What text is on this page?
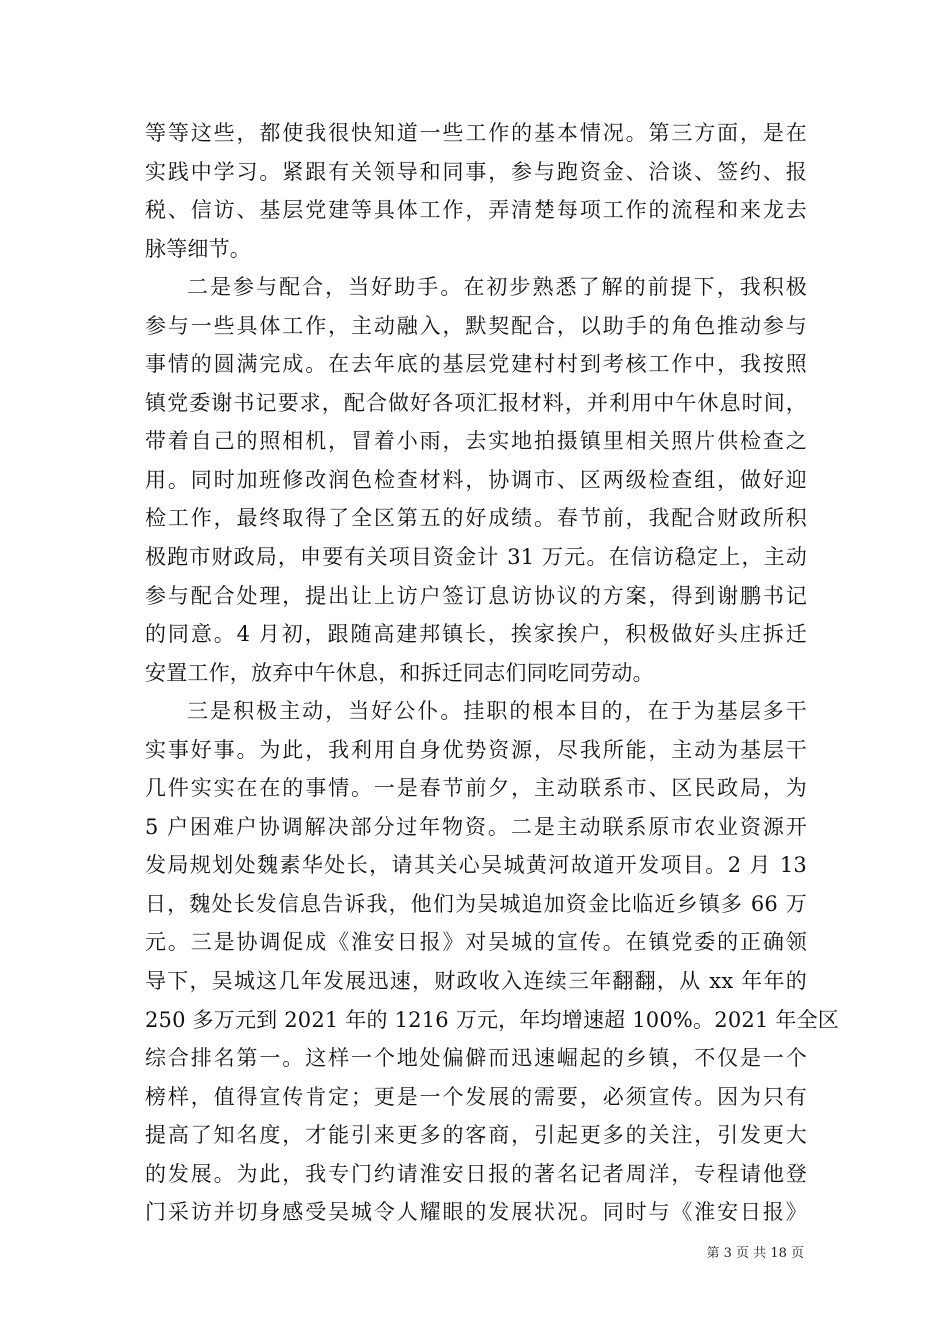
等等这些，都使我很快知道一些工作的基本情况。第三方面，是在
实践中学习。紧跟有关领导和同事，参与跑资金、洽谈、签约、报
税、信访、基层党建等具体工作，弄清楚每项工作的流程和来龙去
脉等细节。
二是参与配合，当好助手。在初步熟悉了解的前提下，我积极
参与一些具体工作，主动融入，默契配合，以助手的角色推动参与
事情的圆满完成。在去年底的基层党建村村到考核工作中，我按照
镇党委谢书记要求，配合做好各项汇报材料，并利用中午休息时间，
带着自己的照相机，冒着小雨，去实地拍摄镇里相关照片供检查之
用。同时加班修改润色检查材料，协调市、区两级检查组，做好迎
检工作，最终取得了全区第五的好成绩。春节前，我配合财政所积
极跑市财政局，申要有关项目资金计 31 万元。在信访稳定上，主动
参与配合处理，提出让上访户签订息访协议的方案，得到谢鹏书记
的同意。4 月初，跟随高建邦镇长，挨家挨户，积极做好头庄拆迁
安置工作，放弃中午休息，和拆迁同志们同吃同劳动。
三是积极主动，当好公仆。挂职的根本目的，在于为基层多干
实事好事。为此，我利用自身优势资源，尽我所能，主动为基层干
几件实实在在的事情。一是春节前夕，主动联系市、区民政局，为
5 户困难户协调解决部分过年物资。二是主动联系原市农业资源开
发局规划处魏素华处长，请其关心吴城黄河故道开发项目。2 月 13
日，魏处长发信息告诉我，他们为吴城追加资金比临近乡镇多 66 万
元。三是协调促成《淮安日报》对吴城的宣传。在镇党委的正确领
导下，吴城这几年发展迅速，财政收入连续三年翻翻，从 xx 年年的
250 多万元到 2021 年的 1216 万元，年均增速超 100%。2021 年全区
综合排名第一。这样一个地处偏僻而迅速崛起的乡镇，不仅是一个
榜样，值得宣传肯定；更是一个发展的需要，必须宣传。因为只有
提高了知名度，才能引来更多的客商，引起更多的关注，引发更大
的发展。为此，我专门约请淮安日报的著名记者周洋，专程请他登
门采访并切身感受吴城令人耀眼的发展状况。同时与《淮安日报》
第 3 页 共 18 页
